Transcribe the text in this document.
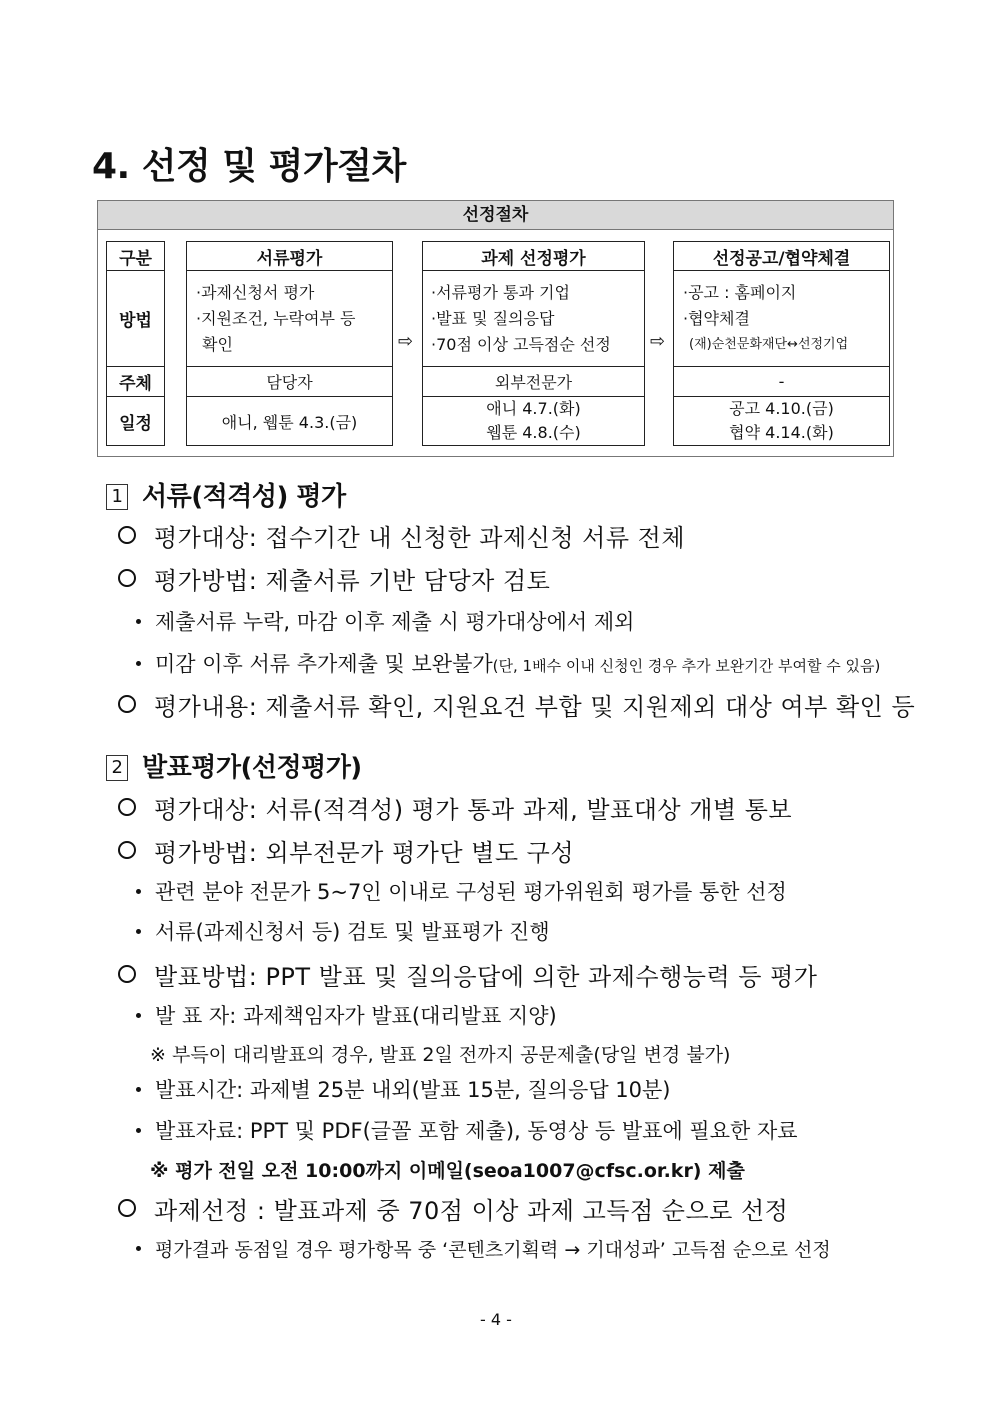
4. 선정 및 평가절차
선정절차
구분
방법
주체
일정
서류평가
·과제신청서 평가
·지원조건, 누락여부 등
확인
담당자
애니, 웹툰 4.3.(금)
⇨
과제 선정평가
·서류평가 통과 기업
·발표 및 질의응답
·70점 이상 고득점순 선정
외부전문가
애니 4.7.(화)
웹툰 4.8.(수)
⇨
선정공고/협약체결
·공고 : 홈페이지
·협약체결
(재)순천문화재단↔선정기업
-
공고 4.10.(금)
협약 4.14.(화)
1 서류(적격성) 평가
평가대상: 접수기간 내 신청한 과제신청 서류 전체
평가방법: 제출서류 기반 담당자 검토
제출서류 누락, 마감 이후 제출 시 평가대상에서 제외
미감 이후 서류 추가제출 및 보완불가(단, 1배수 이내 신청인 경우 추가 보완기간 부여할 수 있음)
평가내용: 제출서류 확인, 지원요건 부합 및 지원제외 대상 여부 확인 등
2 발표평가(선정평가)
평가대상: 서류(적격성) 평가 통과 과제, 발표대상 개별 통보
평가방법: 외부전문가 평가단 별도 구성
관련 분야 전문가 5~7인 이내로 구성된 평가위원회 평가를 통한 선정
서류(과제신청서 등) 검토 및 발표평가 진행
발표방법: PPT 발표 및 질의응답에 의한 과제수행능력 등 평가
발 표 자: 과제책임자가 발표(대리발표 지양)
※ 부득이 대리발표의 경우, 발표 2일 전까지 공문제출(당일 변경 불가)
발표시간: 과제별 25분 내외(발표 15분, 질의응답 10분)
발표자료: PPT 및 PDF(글꼴 포함 제출), 동영상 등 발표에 필요한 자료
※ 평가 전일 오전 10:00까지 이메일(seoa1007@cfsc.or.kr) 제출
과제선정 : 발표과제 중 70점 이상 과제 고득점 순으로 선정
평가결과 동점일 경우 평가항목 중 ‘콘텐츠기획력 → 기대성과’ 고득점 순으로 선정
- 4 -
